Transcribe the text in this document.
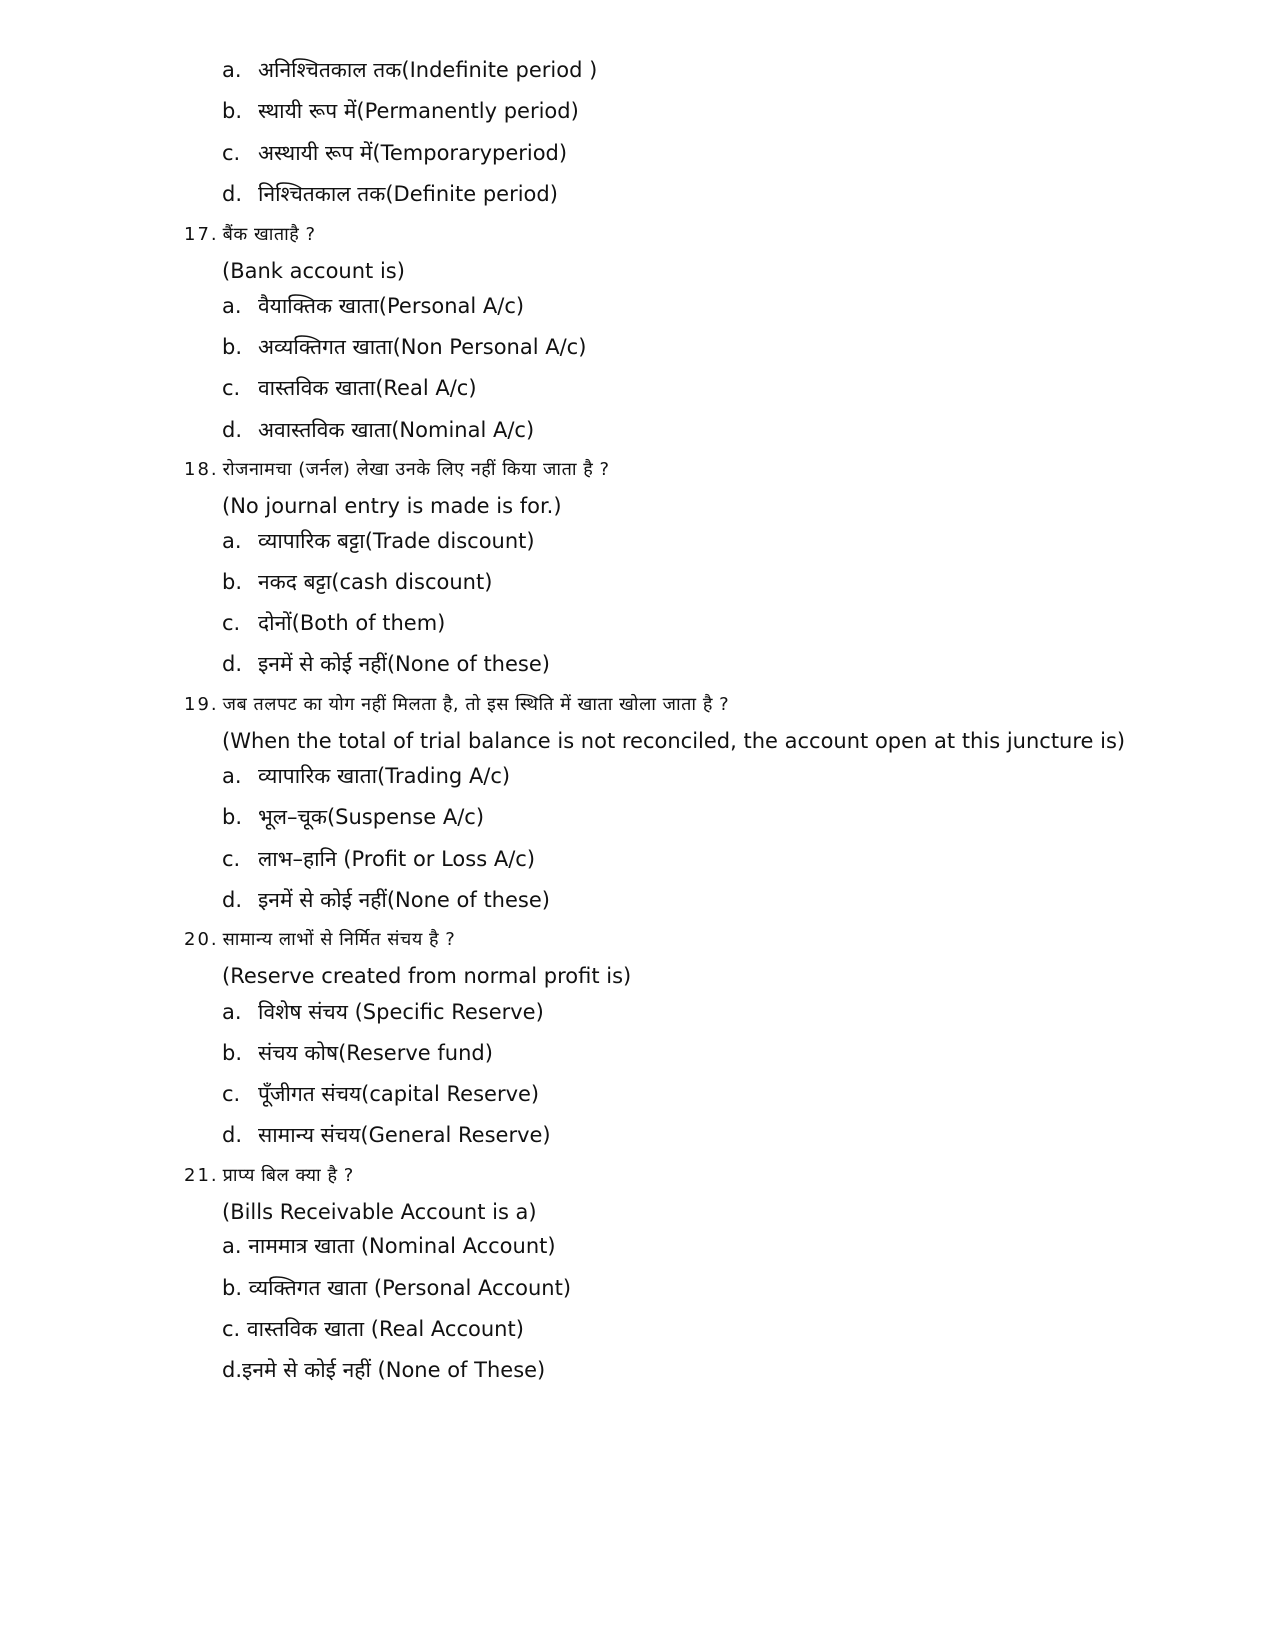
a. अनिश्चितकाल तक(Indefinite period )
b. स्थायी रूप में(Permanently period)
c. अस्थायी रूप में(Temporaryperiod)
d. निश्चितकाल तक(Definite period)
17. बैंक खाताहै ?
(Bank account is)
a. वैयाक्तिक खाता(Personal A/c)
b. अव्यक्तिगत खाता(Non Personal A/c)
c. वास्तविक खाता(Real A/c)
d. अवास्तविक खाता(Nominal A/c)
18. रोजनामचा (जर्नल) लेखा उनके लिए नहीं किया जाता है ?
(No journal entry is made is for.)
a. व्यापारिक बट्टा(Trade discount)
b. नकद बट्टा(cash discount)
c. दोनों(Both of them)
d. इनमें से कोई नहीं(None of these)
19. जब तलपट का योग नहीं मिलता है, तो इस स्थिति में खाता खोला जाता है ?
(When the total of trial balance is not reconciled, the account open at this juncture is)
a. व्यापारिक खाता(Trading A/c)
b. भूल–चूक(Suspense A/c)
c. लाभ–हानि (Profit or Loss A/c)
d. इनमें से कोई नहीं(None of these)
20. सामान्य लाभों से निर्मित संचय है ?
(Reserve created from normal profit is)
a. विशेष संचय (Specific Reserve)
b. संचय कोष(Reserve fund)
c. पूँजीगत संचय(capital Reserve)
d. सामान्य संचय(General Reserve)
21. प्राप्य बिल क्या है ?
(Bills Receivable Account is a)
a. नाममात्र खाता (Nominal Account)
b. व्यक्तिगत खाता (Personal Account)
c. वास्तविक खाता (Real Account)
d.इनमे से कोई नहीं (None of These)
